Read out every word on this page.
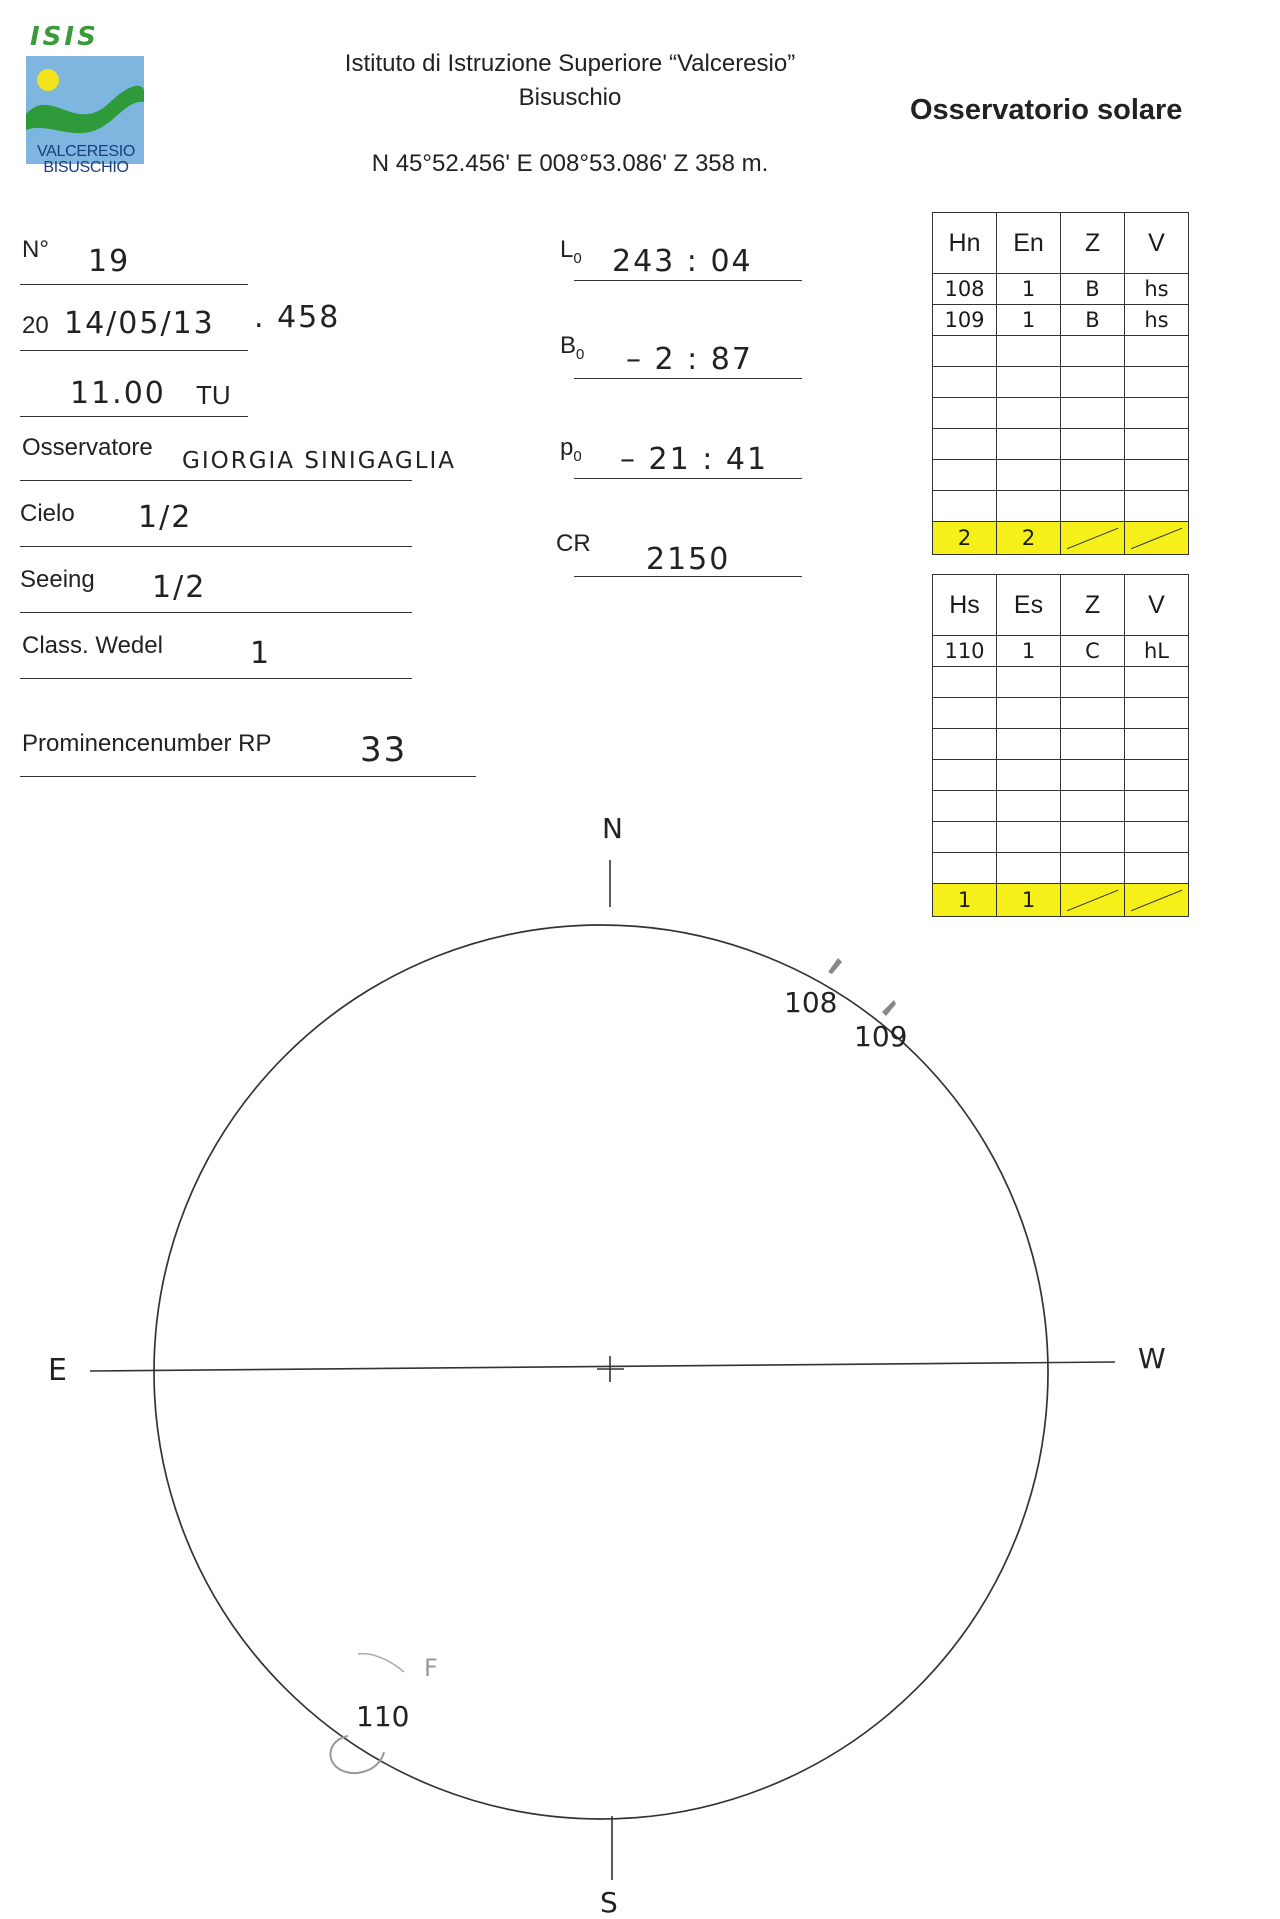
ISIS
VALCERESIO
BISUSCHIO
Istituto di Istruzione Superiore “Valceresio”
Bisuschio
N 45°52.456' E 008°53.086' Z 358 m.
Osservatorio solare
N° 19
20 14/05/13 . 458
11.00 TU
Osservatore GIORGIA SINIGAGLIA
Cielo 1/2
Seeing 1/2
Class. Wedel	1
Prominencenumber RP	33
$L_0$ 243 : 04
$B_0 - 2$ : 87
$p_0 - 21$ : 41
CR 2150
Hn	En	Z	V
108	1	B	hs
109	1	B	hs

2	2	

Hs	Es	Z	V
110	1	C	hL

1	1	

N
S
E	W
108
109
110
F
